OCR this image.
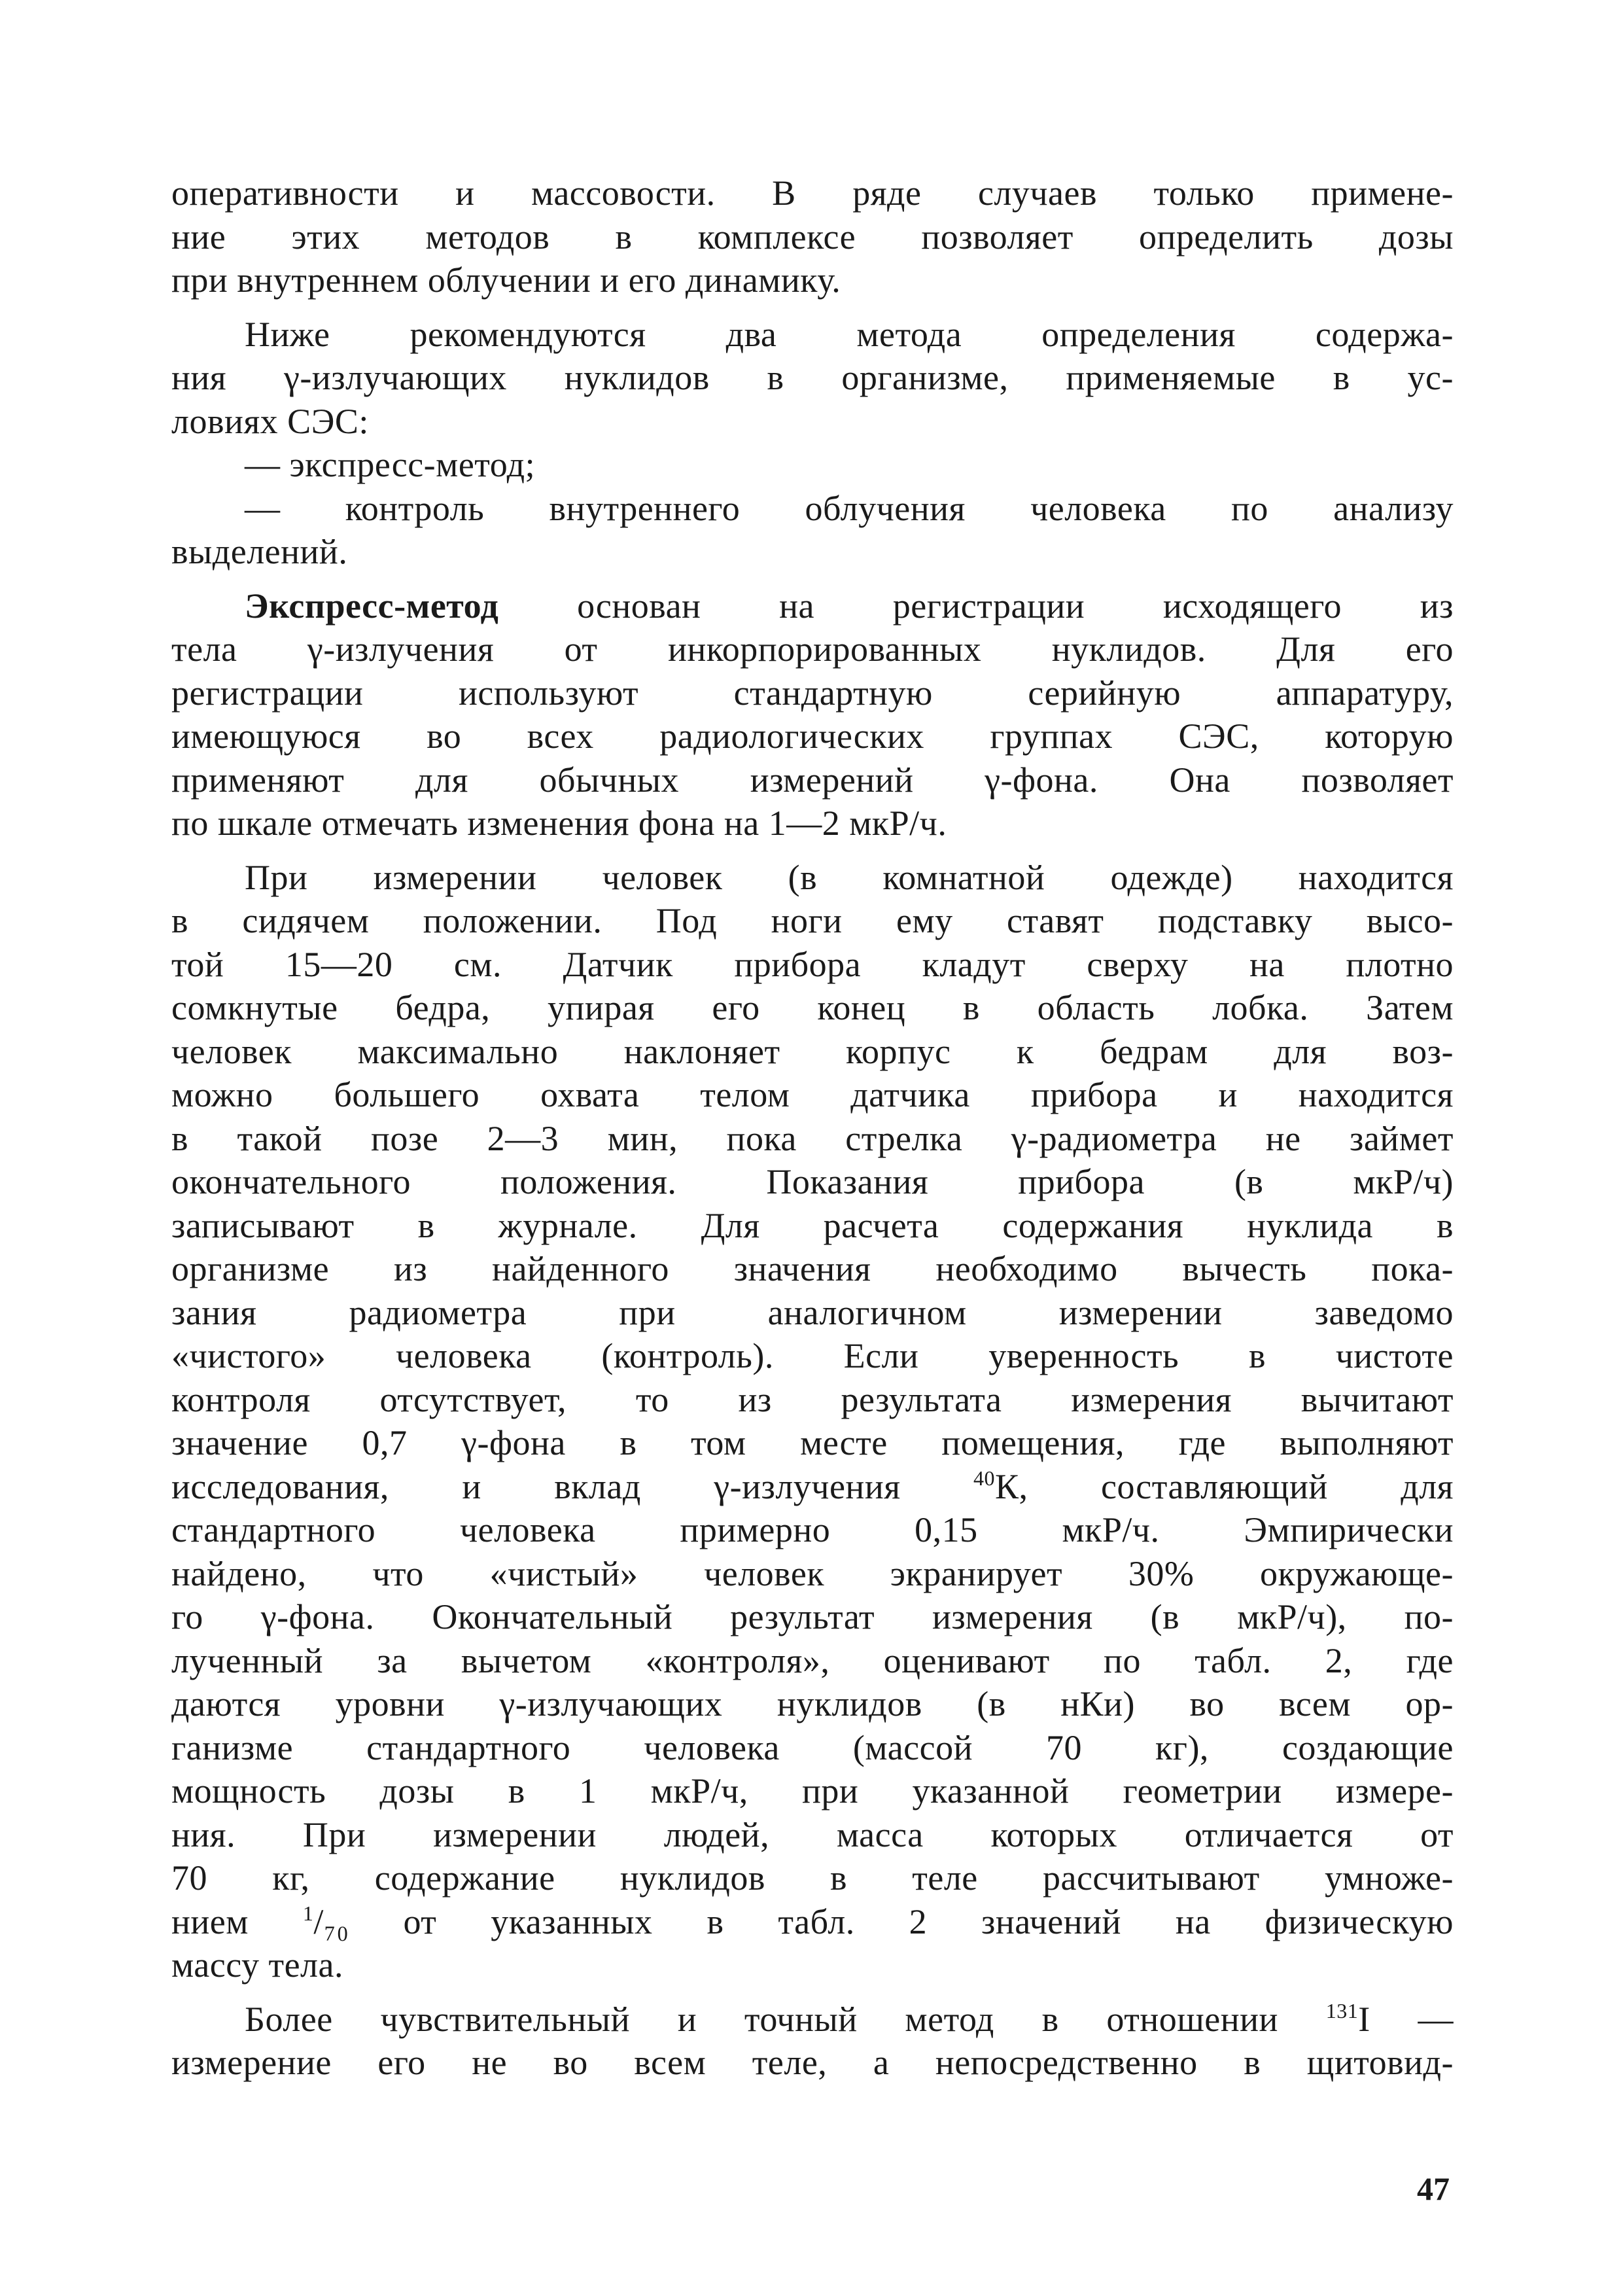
оперативности и массовости. В ряде случаев только примене-
ние этих методов в комплексе позволяет определить дозы
при внутреннем облучении и его динамику.
Ниже рекомендуются два метода определения содержа-
ния γ-излучающих нуклидов в организме, применяемые в ус-
ловиях СЭС:
— экспресс-метод;
— контроль внутреннего облучения человека по анализу
выделений.
Экспресс-метод основан на регистрации исходящего из
тела γ-излучения от инкорпорированных нуклидов. Для его
регистрации используют стандартную серийную аппаратуру,
имеющуюся во всех радиологических группах СЭС, которую
применяют для обычных измерений γ-фона. Она позволяет
по шкале отмечать изменения фона на 1—2 мкР/ч.
При измерении человек (в комнатной одежде) находится
в сидячем положении. Под ноги ему ставят подставку высо-
той 15—20 см. Датчик прибора кладут сверху на плотно
сомкнутые бедра, упирая его конец в область лобка. Затем
человек максимально наклоняет корпус к бедрам для воз-
можно большего охвата телом датчика прибора и находится
в такой позе 2—3 мин, пока стрелка γ-радиометра не займет
окончательного положения. Показания прибора (в мкР/ч)
записывают в журнале. Для расчета содержания нуклида в
организме из найденного значения необходимо вычесть пока-
зания радиометра при аналогичном измерении заведомо
«чистого» человека (контроль). Если уверенность в чистоте
контроля отсутствует, то из результата измерения вычитают
значение 0,7 γ-фона в том месте помещения, где выполняют
исследования, и вклад γ-излучения $^{40}$К, составляющий для
стандартного человека примерно 0,15 мкР/ч. Эмпирически
найдено, что «чистый» человек экранирует 30% окружающе-
го γ-фона. Окончательный результат измерения (в мкР/ч), по-
лученный за вычетом «контроля», оценивают по табл. 2, где
даются уровни γ-излучающих нуклидов (в нКи) во всем ор-
ганизме стандартного человека (массой 70 кг), создающие
мощность дозы в 1 мкР/ч, при указанной геометрии измере-
ния. При измерении людей, масса которых отличается от
70 кг, содержание нуклидов в теле рассчитывают умноже-
нием $^1$/₇₀ от указанных в табл. 2 значений на физическую
массу тела.
Более чувствительный и точный метод в отношении $^{131}$I —
измерение его не во всем теле, а непосредственно в щитовид-
47
